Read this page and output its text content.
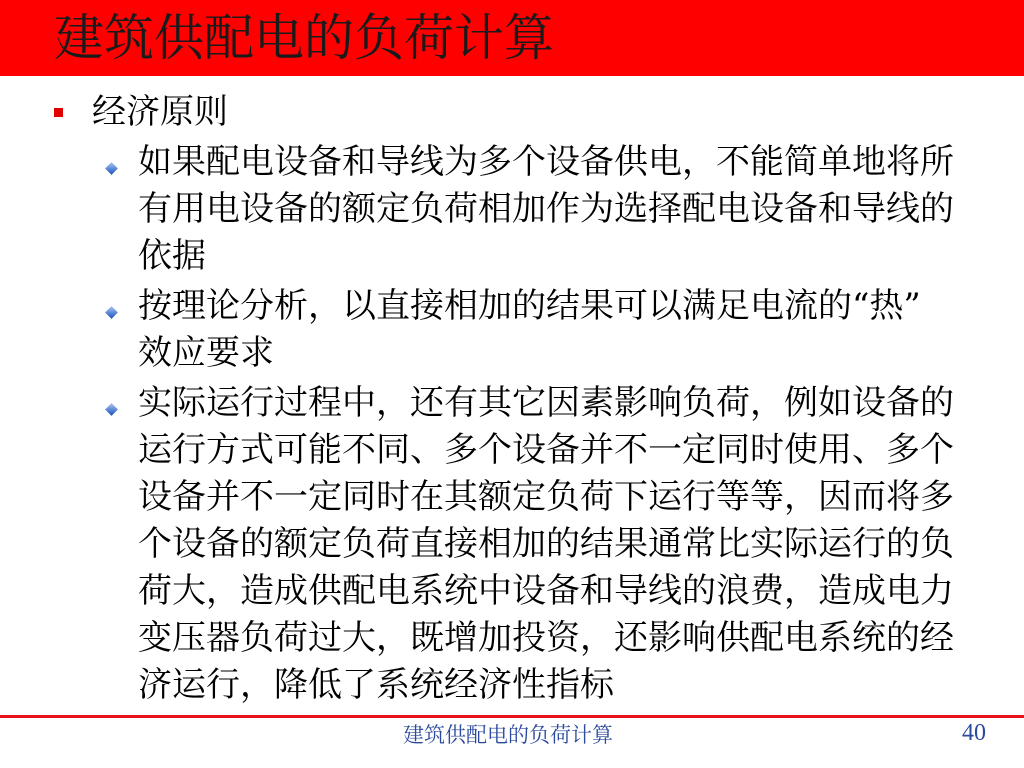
建筑供配电的负荷计算
经济原则
如果配电设备和导线为多个设备供电，不能简单地将所
有用电设备的额定负荷相加作为选择配电设备和导线的
依据
按理论分析，以直接相加的结果可以满足电流的“热”
效应要求
实际运行过程中，还有其它因素影响负荷，例如设备的
运行方式可能不同、多个设备并不一定同时使用、多个
设备并不一定同时在其额定负荷下运行等等，因而将多
个设备的额定负荷直接相加的结果通常比实际运行的负
荷大，造成供配电系统中设备和导线的浪费，造成电力
变压器负荷过大，既增加投资，还影响供配电系统的经
济运行，降低了系统经济性指标
建筑供配电的负荷计算	40
